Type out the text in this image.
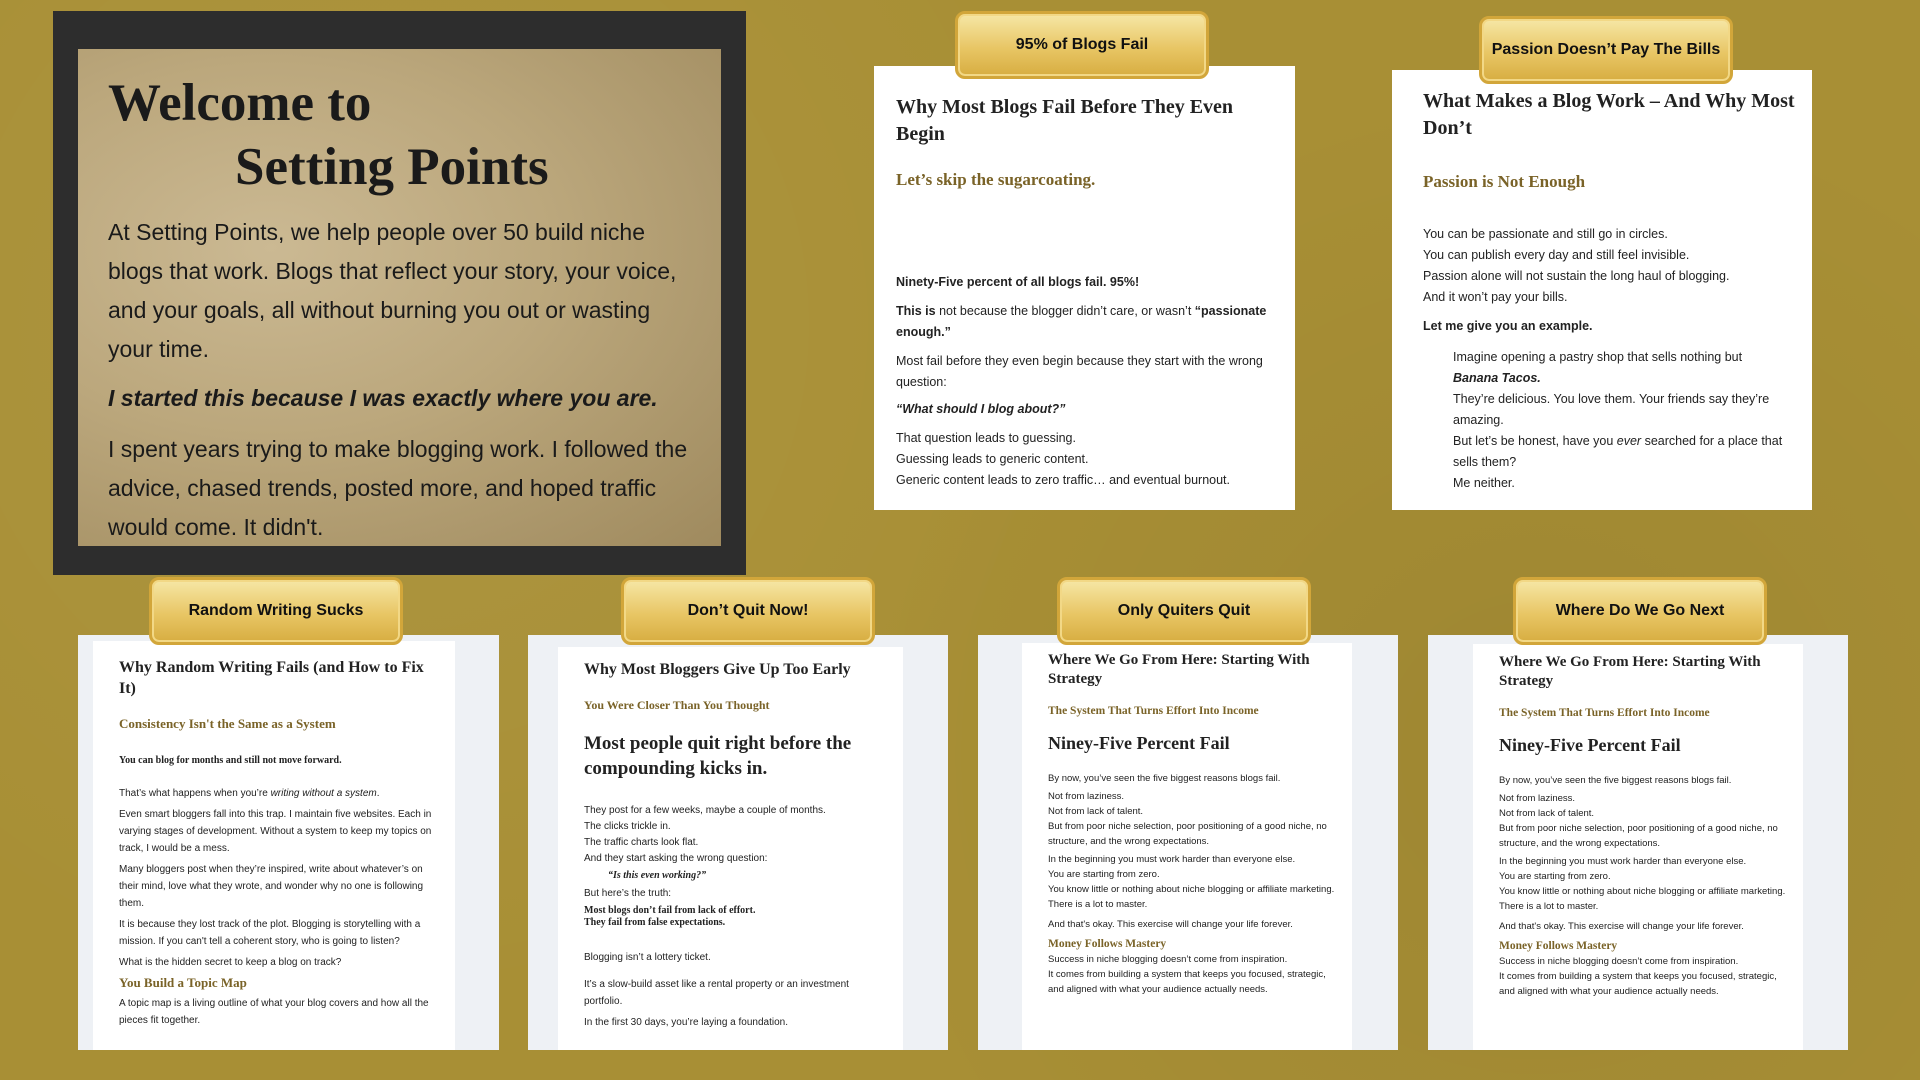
Welcome to
Setting Points

At Setting Points, we help people over 50 build niche blogs that work. Blogs that reflect your story, your voice, and your goals, all without burning you out or wasting your time.

I started this because I was exactly where you are.

I spent years trying to make blogging work. I followed the

advice, chased trends, posted more, and hoped traffic would come. It didn't.

95% of Blogs Fail
Why Most Blogs Fail Before They Even Begin
Let’s skip the sugarcoating.
Ninety-Five percent of all blogs fail. 95%!
This is not because the blogger didn’t care, or wasn’t “passionate enough.”
Most fail before they even begin because they start with the wrong question:
“What should I blog about?”
That question leads to guessing.
Guessing leads to generic content.
Generic content leads to zero traffic… and eventual burnout.
Passion Doesn’t Pay The Bills
What Makes a Blog Work – And Why Most Don’t
Passion is Not Enough
You can be passionate and still go in circles.
You can publish every day and still feel invisible.
Passion alone will not sustain the long haul of blogging.
And it won’t pay your bills.
Let me give you an example.
Imagine opening a pastry shop that sells nothing but
Banana Tacos.
They’re delicious. You love them. Your friends say they’re amazing.
But let’s be honest, have you ever searched for a place that sells them?
Me neither.
Random Writing Sucks
Why Random Writing Fails (and How to Fix It)
Consistency Isn't the Same as a System
You can blog for months and still not move forward.
That’s what happens when you’re writing without a system.
Even smart bloggers fall into this trap. I maintain five websites. Each in varying stages of development. Without a system to keep my topics on track, I would be a mess.
Many bloggers post when they’re inspired, write about whatever’s on their mind, love what they wrote, and wonder why no one is following them.
It is because they lost track of the plot. Blogging is storytelling with a mission. If you can't tell a coherent story, who is going to listen?
What is the hidden secret to keep a blog on track?
You Build a Topic Map
A topic map is a living outline of what your blog covers and how all the pieces fit together.
Don’t Quit Now!
Why Most Bloggers Give Up Too Early
You Were Closer Than You Thought
Most people quit right before the compounding kicks in.
They post for a few weeks, maybe a couple of months.
The clicks trickle in.
The traffic charts look flat.
And they start asking the wrong question:
“Is this even working?”
But here’s the truth:
Most blogs don’t fail from lack of effort.
They fail from false expectations.
Blogging isn’t a lottery ticket.
It’s a slow-build asset like a rental property or an investment portfolio.
In the first 30 days, you’re laying a foundation.
Only Quiters Quit
Where We Go From Here: Starting With Strategy
The System That Turns Effort Into Income
Niney-Five Percent Fail
By now, you’ve seen the five biggest reasons blogs fail.
Not from laziness.
Not from lack of talent.
But from poor niche selection, poor positioning of a good niche, no structure, and the wrong expectations.
In the beginning you must work harder than everyone else.
You are starting from zero.
You know little or nothing about niche blogging or affiliate marketing.
There is a lot to master.
And that's okay. This exercise will change your life forever.
Money Follows Mastery
Success in niche blogging doesn’t come from inspiration.
It comes from building a system that keeps you focused, strategic, and aligned with what your audience actually needs.
Where Do We Go Next
Where We Go From Here: Starting With Strategy
The System That Turns Effort Into Income
Niney-Five Percent Fail
By now, you’ve seen the five biggest reasons blogs fail.
Not from laziness.
Not from lack of talent.
But from poor niche selection, poor positioning of a good niche, no structure, and the wrong expectations.
In the beginning you must work harder than everyone else.
You are starting from zero.
You know little or nothing about niche blogging or affiliate marketing.
There is a lot to master.
And that's okay. This exercise will change your life forever.
Money Follows Mastery
Success in niche blogging doesn’t come from inspiration.
It comes from building a system that keeps you focused, strategic, and aligned with what your audience actually needs.
